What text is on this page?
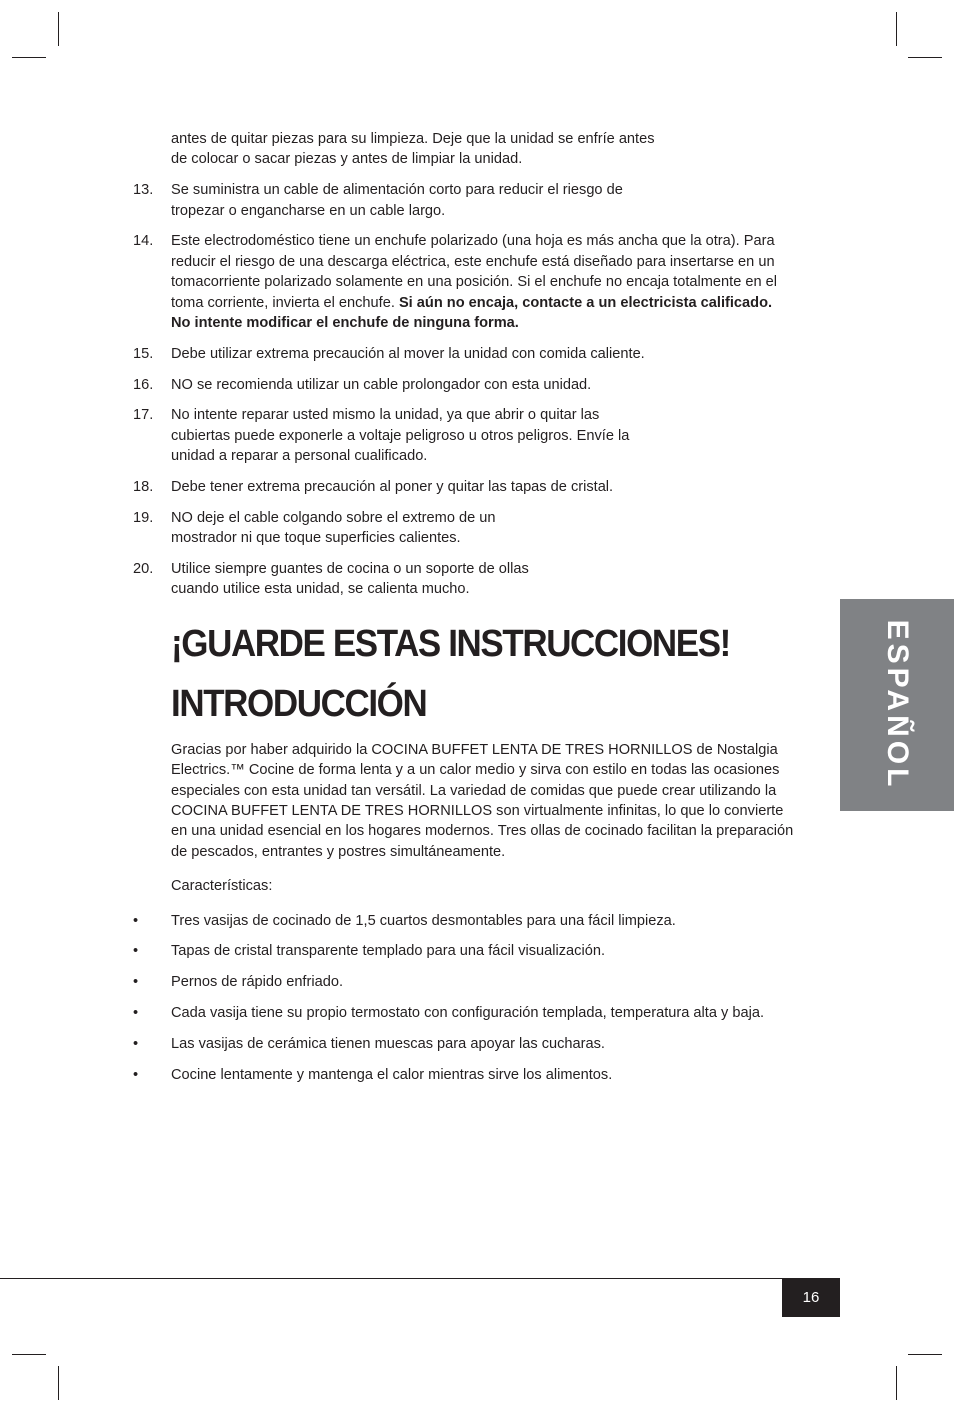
antes de quitar piezas para su limpieza. Deje que la unidad se enfríe antes de colocar o sacar piezas y antes de limpiar la unidad.
13. Se suministra un cable de alimentación corto para reducir el riesgo de tropezar o engancharse en un cable largo.
14. Este electrodoméstico tiene un enchufe polarizado (una hoja es más ancha que la otra). Para reducir el riesgo de una descarga eléctrica, este enchufe está diseñado para insertarse en un tomacorriente polarizado solamente en una posición. Si el enchufe no encaja totalmente en el toma corriente, invierta el enchufe. Si aún no encaja, contacte a un electricista calificado. No intente modificar el enchufe de ninguna forma.
15. Debe utilizar extrema precaución al mover la unidad con comida caliente.
16. NO se recomienda utilizar un cable prolongador con esta unidad.
17. No intente reparar usted mismo la unidad, ya que abrir o quitar las cubiertas puede exponerle a voltaje peligroso u otros peligros. Envíe la unidad a reparar a personal cualificado.
18. Debe tener extrema precaución al poner y quitar las tapas de cristal.
19. NO deje el cable colgando sobre el extremo de un mostrador ni que toque superficies calientes.
20. Utilice siempre guantes de cocina o un soporte de ollas cuando utilice esta unidad, se calienta mucho.
¡GUARDE ESTAS INSTRUCCIONES!
INTRODUCCIÓN
Gracias por haber adquirido la COCINA BUFFET LENTA DE TRES HORNILLOS de Nostalgia Electrics.™ Cocine de forma lenta y a un calor medio y sirva con estilo en todas las ocasiones especiales con esta unidad tan versátil. La variedad de comidas que puede crear utilizando la COCINA BUFFET LENTA DE TRES HORNILLOS son virtualmente infinitas, lo que lo convierte en una unidad esencial en los hogares modernos. Tres ollas de cocinado facilitan la preparación de pescados, entrantes y postres simultáneamente.
Características:
• Tres vasijas de cocinado de 1,5 cuartos desmontables para una fácil limpieza.
• Tapas de cristal transparente templado para una fácil visualización.
• Pernos de rápido enfriado.
• Cada vasija tiene su propio termostato con configuración templada, temperatura alta y baja.
• Las vasijas de cerámica tienen muescas para apoyar las cucharas.
• Cocine lentamente y mantenga el calor mientras sirve los alimentos.
ESPAÑOL
16
